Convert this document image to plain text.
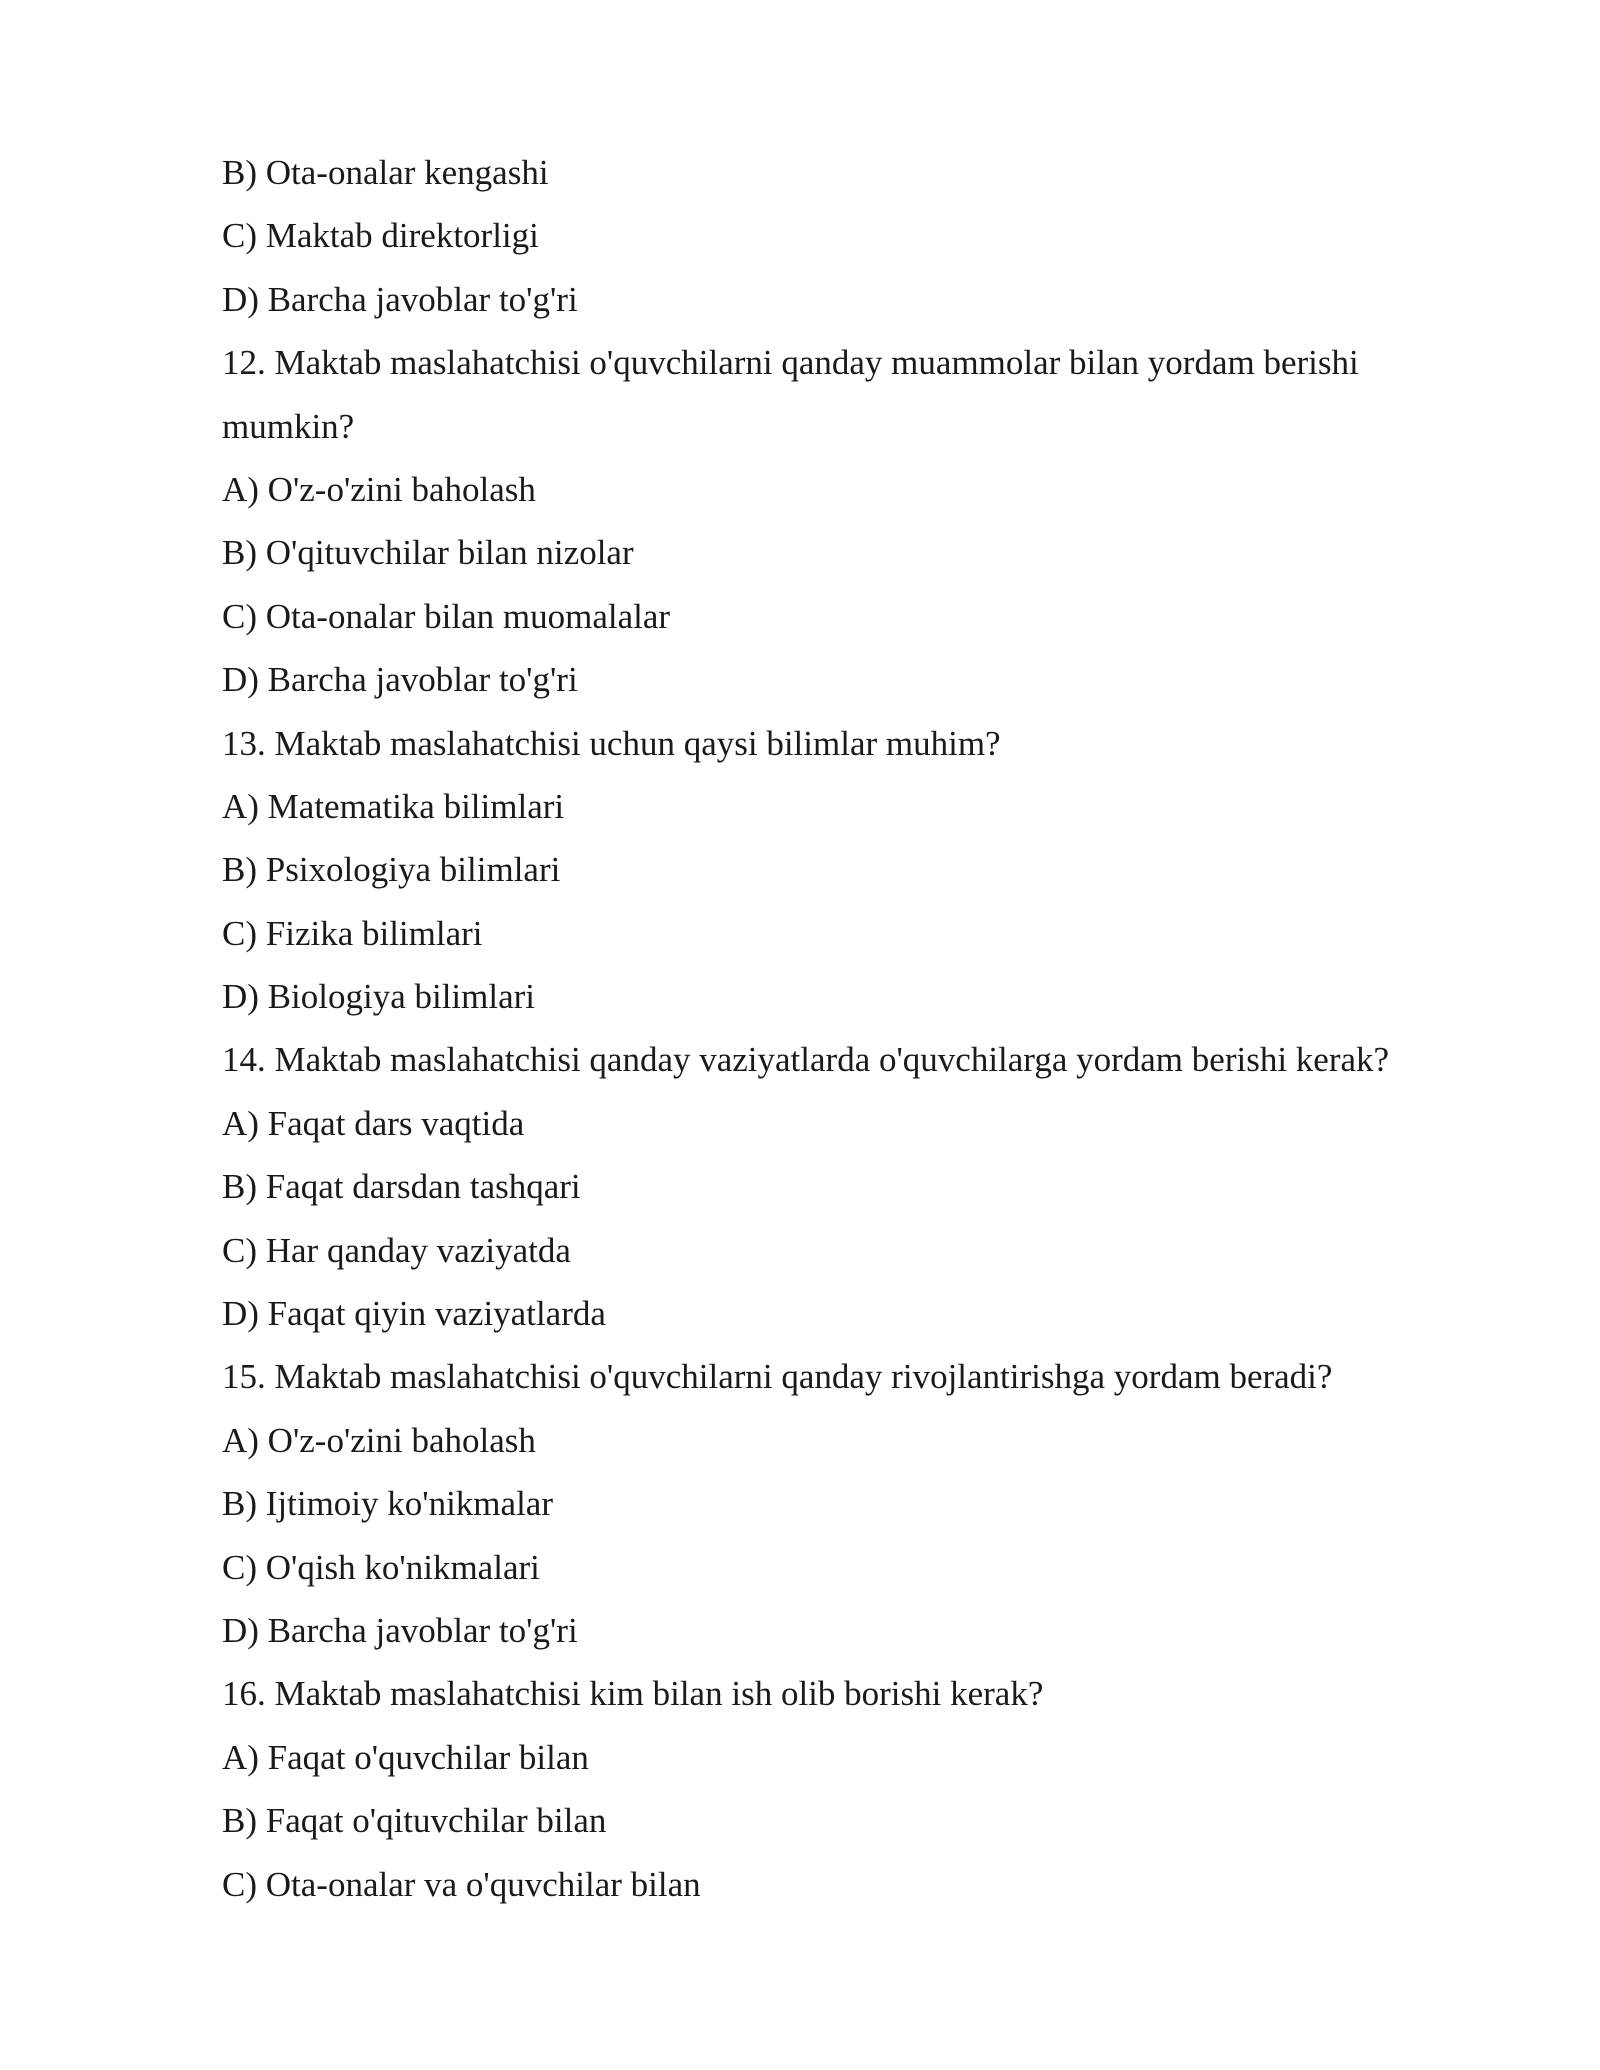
B) Ota-onalar kengashi
C) Maktab direktorligi
D) Barcha javoblar to'g'ri
12. Maktab maslahatchisi o'quvchilarni qanday muammolar bilan yordam berishi
mumkin?
A) O'z-o'zini baholash
B) O'qituvchilar bilan nizolar
C) Ota-onalar bilan muomalalar
D) Barcha javoblar to'g'ri
13. Maktab maslahatchisi uchun qaysi bilimlar muhim?
A) Matematika bilimlari
B) Psixologiya bilimlari
C) Fizika bilimlari
D) Biologiya bilimlari
14. Maktab maslahatchisi qanday vaziyatlarda o'quvchilarga yordam berishi kerak?
A) Faqat dars vaqtida
B) Faqat darsdan tashqari
C) Har qanday vaziyatda
D) Faqat qiyin vaziyatlarda
15. Maktab maslahatchisi o'quvchilarni qanday rivojlantirishga yordam beradi?
A) O'z-o'zini baholash
B) Ijtimoiy ko'nikmalar
C) O'qish ko'nikmalari
D) Barcha javoblar to'g'ri
16. Maktab maslahatchisi kim bilan ish olib borishi kerak?
A) Faqat o'quvchilar bilan
B) Faqat o'qituvchilar bilan
C) Ota-onalar va o'quvchilar bilan
